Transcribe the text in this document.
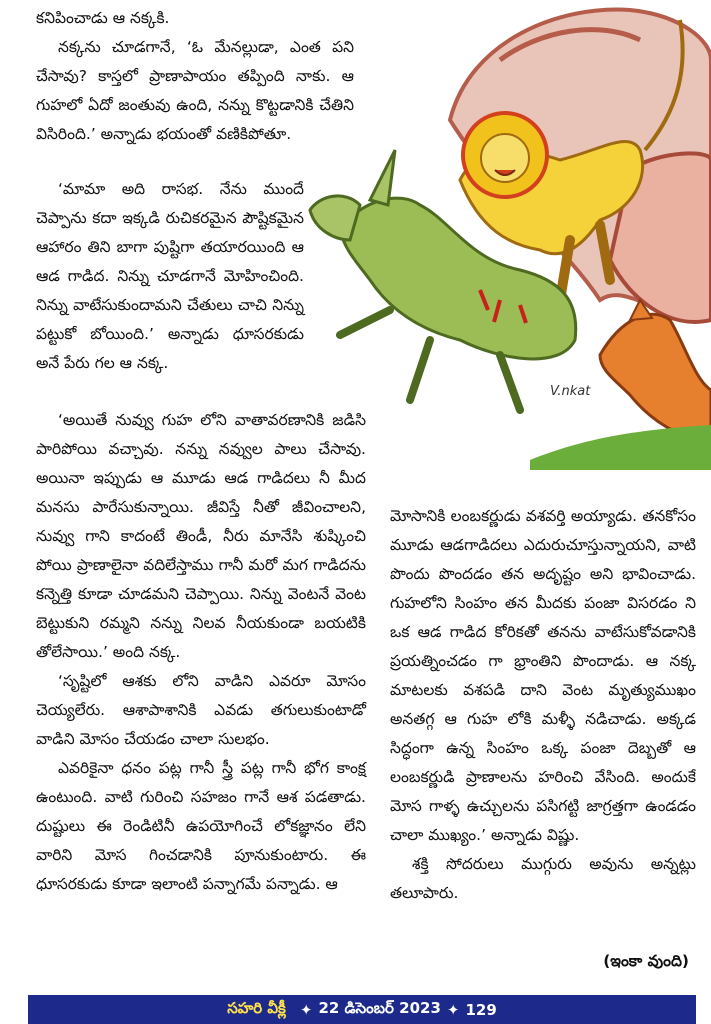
V.nkat

కనిపించాడు ఆ నక్కకి.

నక్కను చూడగానే, ‘ఓ మేనల్లుడా, ఎంత పని చేసావు? కాస్తలో ప్రాణాపాయం తప్పింది నాకు. ఆ గుహలో ఏదో జంతువు ఉంది, నన్ను కొట్టడానికి చేతిని విసిరింది.’ అన్నాడు భయంతో వణికిపోతూ.

‘మామా అది రాసభ. నేను ముందే చెప్పాను కదా ఇక్కడి రుచికరమైన పౌష్టికమైన ఆహారం తిని బాగా పుష్టిగా తయారయింది ఆ ఆడ గాడిద. నిన్ను చూడగానే మోహించింది. నిన్ను వాటేసుకుందామని చేతులు చాచి నిన్ను పట్టుకో బోయింది.’ అన్నాడు ధూసరకుడు అనే పేరు గల ఆ నక్క.

‘అయితే నువ్వు గుహ లోని వాతావరణానికి జడిసి పారిపోయి వచ్చావు. నన్ను నవ్వుల పాలు చేసావు. అయినా ఇప్పుడు ఆ మూడు ఆడ గాడిదలు నీ మీద మనసు పారేసుకున్నాయి. జీవిస్తే నీతో జీవించాలని, నువ్వు గాని కాదంటే తిండీ, నీరు మానేసి శుష్కించి పోయి ప్రాణాలైనా వదిలేస్తాము గానీ మరో మగ గాడిదను కన్నెత్తి కూడా చూడమని చెప్పాయి. నిన్ను వెంటనే వెంట బెట్టుకుని రమ్మని నన్ను నిలవ నీయకుండా బయటికి తోలేసాయి.’ అంది నక్క.

‘సృష్టిలో ఆశకు లోని వాడిని ఎవరూ మోసం చెయ్యలేరు. ఆశాపాశానికి ఎవడు తగులుకుంటాడో వాడిని మోసం చేయడం చాలా సులభం.

ఎవరికైనా ధనం పట్ల గానీ స్త్రీ పట్ల గానీ భోగ కాంక్ష ఉంటుంది. వాటి గురించి సహజం గానే ఆశ పడతాడు. దుష్టులు ఈ రెండిటినీ ఉపయోగించే లోకజ్ఞానం లేని వారిని మోస గించడానికి పూనుకుంటారు. ఈ ధూసరకుడు కూడా ఇలాంటి పన్నాగమే పన్నాడు. ఆ

మోసానికి లంబకర్ణుడు వశవర్తి అయ్యాడు. తనకోసం మూడు ఆడగాడిదలు ఎదురుచూస్తున్నాయని, వాటి పొందు పొందడం తన అదృష్టం అని భావించాడు. గుహలోని సింహం తన మీదకు పంజా విసరడం ని ఒక ఆడ గాడిద కోరికతో తనను వాటేసుకోవడానికి ప్రయత్నించడం గా భ్రాంతిని పొందాడు. ఆ నక్క మాటలకు వశపడి దాని వెంట మృత్యుముఖం అనతగ్గ ఆ గుహ లోకి మళ్ళీ నడిచాడు. అక్కడ సిద్ధంగా ఉన్న సింహం ఒక్క పంజా దెబ్బతో ఆ లంబకర్ణుడి ప్రాణాలను హరించి వేసింది. అందుకే మోస గాళ్ళ ఉచ్చులను పసిగట్టి జాగ్రత్తగా ఉండడం చాలా ముఖ్యం.’ అన్నాడు విష్ణు.

శక్తి సోదరులు ముగ్గురు అవును అన్నట్లు తలూపారు.

(ఇంకా వుంది)
సహరి వీక్లీ ✦ 22 డిసెంబర్ 2023 ✦ 129
